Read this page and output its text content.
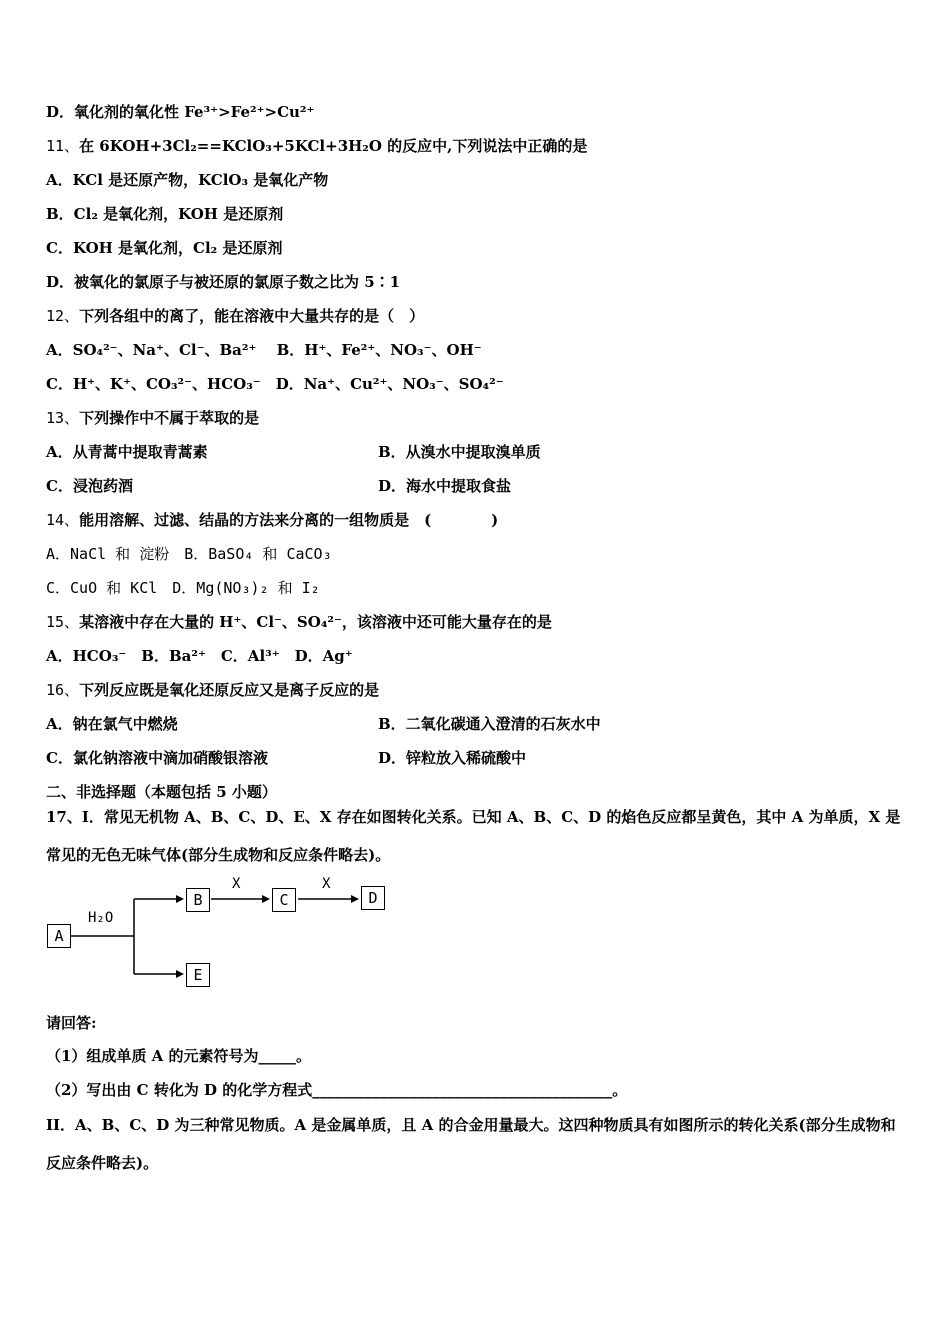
D．氧化剂的氧化性 Fe³⁺>Fe²⁺>Cu²⁺
11、在 6KOH+3Cl₂==KClO₃+5KCl+3H₂O 的反应中,下列说法中正确的是
A．KCl 是还原产物，KClO₃ 是氧化产物
B．Cl₂ 是氧化剂，KOH 是还原剂
C．KOH 是氧化剂，Cl₂ 是还原剂
D．被氧化的氯原子与被还原的氯原子数之比为 5∶1
12、下列各组中的离了，能在溶液中大量共存的是（　）
A．SO₄²⁻、Na⁺、Cl⁻、Ba²⁺　 B．H⁺、Fe²⁺、NO₃⁻、OH⁻
C．H⁺、K⁺、CO₃²⁻、HCO₃⁻　D．Na⁺、Cu²⁺、NO₃⁻、SO₄²⁻
13、下列操作中不属于萃取的是
A．从青蒿中提取青蒿素	B．从溴水中提取溴单质
C．浸泡药酒	D．海水中提取食盐
14、能用溶解、过滤、结晶的方法来分离的一组物质是　(　　　　)
A．NaCl 和 淀粉　B．BaSO₄ 和 CaCO₃
C．CuO 和 KCl　D．Mg(NO₃)₂ 和 I₂
15、某溶液中存在大量的 H⁺、Cl⁻、SO₄²⁻，该溶液中还可能大量存在的是
A．HCO₃⁻　B．Ba²⁺　C．Al³⁺　D．Ag⁺
16、下列反应既是氧化还原反应又是离子反应的是
A．钠在氯气中燃烧	B．二氧化碳通入澄清的石灰水中
C．氯化钠溶液中滴加硝酸银溶液	D．锌粒放入稀硫酸中
二、非选择题（本题包括 5 小题）
17、I．常见无机物 A、B、C、D、E、X 存在如图转化关系。已知 A、B、C、D 的焰色反应都呈黄色，其中 A 为单质，X 是常见的无色无味气体(部分生成物和反应条件略去)。
A
B	C	D
E
H₂O
X	X
请回答:
（1）组成单质 A 的元素符号为_____。
（2）写出由 C 转化为 D 的化学方程式________________________________________。
II．A、B、C、D 为三种常见物质。A 是金属单质，且 A 的合金用量最大。这四种物质具有如图所示的转化关系(部分生成物和反应条件略去)。
